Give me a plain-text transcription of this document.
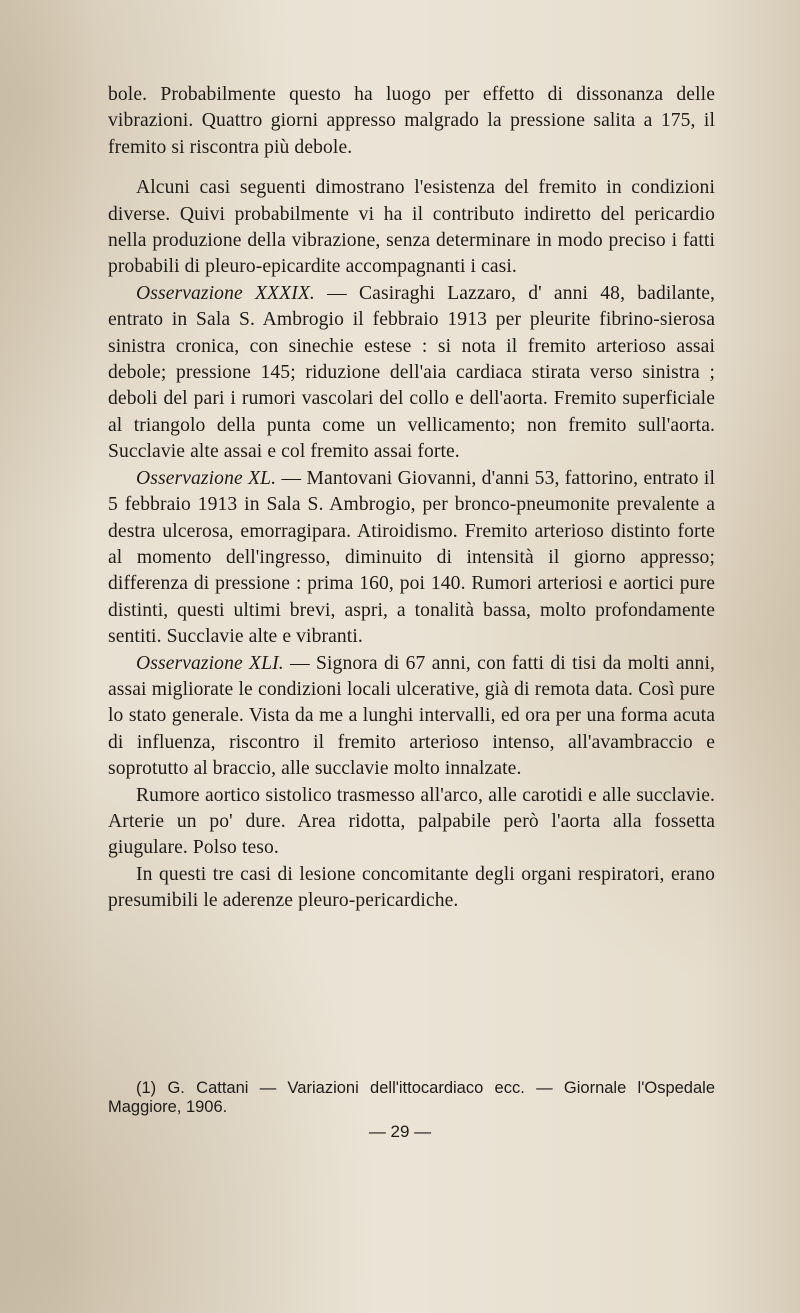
bole. Probabilmente questo ha luogo per effetto di dissonanza delle vibrazioni. Quattro giorni appresso malgrado la pressione salita a 175, il fremito si riscontra più debole.

Alcuni casi seguenti dimostrano l'esistenza del fremito in condizioni diverse. Quivi probabilmente vi ha il contributo indiretto del pericardio nella produzione della vibrazione, senza determinare in modo preciso i fatti probabili di pleuro-epicardite accompagnanti i casi.

Osservazione XXXIX. — Casiraghi Lazzaro, d' anni 48, badilante, entrato in Sala S. Ambrogio il febbraio 1913 per pleurite fibrino-sierosa sinistra cronica, con sinechie estese : si nota il fremito arterioso assai debole; pressione 145; riduzione dell'aia cardiaca stirata verso sinistra ; deboli del pari i rumori vascolari del collo e dell'aorta. Fremito superficiale al triangolo della punta come un vellicamento; non fremito sull'aorta. Succlavie alte assai e col fremito assai forte.

Osservazione XL. — Mantovani Giovanni, d'anni 53, fattorino, entrato il 5 febbraio 1913 in Sala S. Ambrogio, per bronco-pneumonite prevalente a destra ulcerosa, emorragipara. Atiroidismo. Fremito arterioso distinto forte al momento dell'ingresso, diminuito di intensità il giorno appresso; differenza di pressione : prima 160, poi 140. Rumori arteriosi e aortici pure distinti, questi ultimi brevi, aspri, a tonalità bassa, molto profondamente sentiti. Succlavie alte e vibranti.

Osservazione XLI. — Signora di 67 anni, con fatti di tisi da molti anni, assai migliorate le condizioni locali ulcerative, già di remota data. Così pure lo stato generale. Vista da me a lunghi intervalli, ed ora per una forma acuta di influenza, riscontro il fremito arterioso intenso, all'avambraccio e soprotutto al braccio, alle succlavie molto innalzate.

Rumore aortico sistolico trasmesso all'arco, alle carotidi e alle succlavie. Arterie un po' dure. Area ridotta, palpabile però l'aorta alla fossetta giugulare. Polso teso.

In questi tre casi di lesione concomitante degli organi respiratori, erano presumibili le aderenze pleuro-pericardiche.

(1) G. Cattani — Variazioni dell'ittocardiaco ecc. — Giornale l'Ospedale Maggiore, 1906.

— 29 —
